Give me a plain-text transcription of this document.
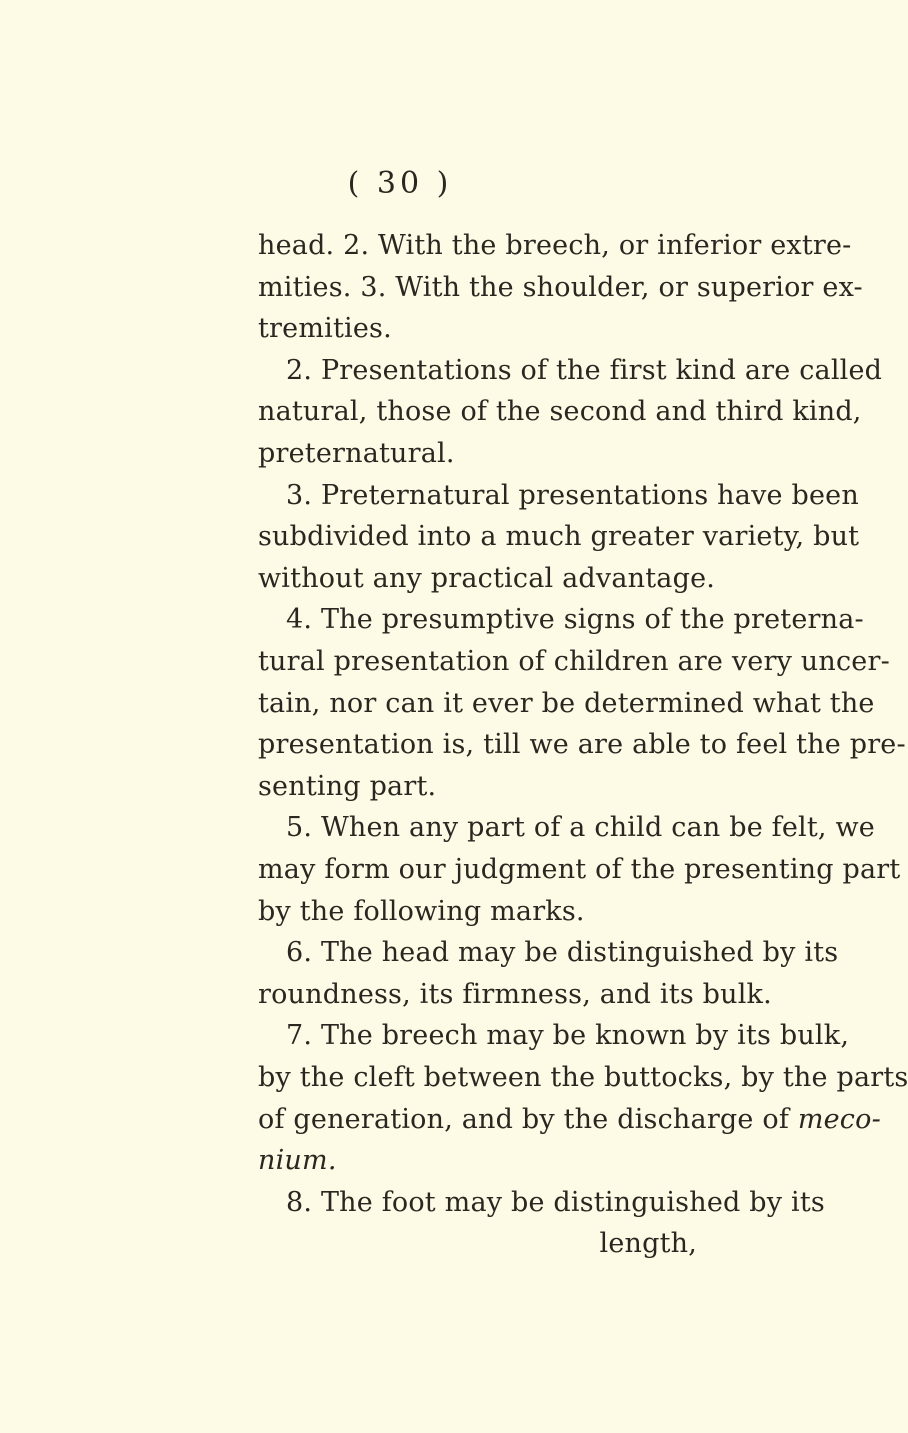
( 30 )
head. 2. With the breech, or inferior extre-
mities. 3. With the shoulder, or superior ex-
tremities.
2. Presentations of the first kind are called
natural, those of the second and third kind,
preternatural.
3. Preternatural presentations have been
subdivided into a much greater variety, but
without any practical advantage.
4. The presumptive signs of the preterna-
tural presentation of children are very uncer-
tain, nor can it ever be determined what the
presentation is, till we are able to feel the pre-
senting part.
5. When any part of a child can be felt, we
may form our judgment of the presenting part
by the following marks.
6. The head may be distinguished by its
roundness, its firmness, and its bulk.
7. The breech may be known by its bulk,
by the cleft between the buttocks, by the parts
of generation, and by the discharge of meco-
nium.
8. The foot may be distinguished by its
length,
